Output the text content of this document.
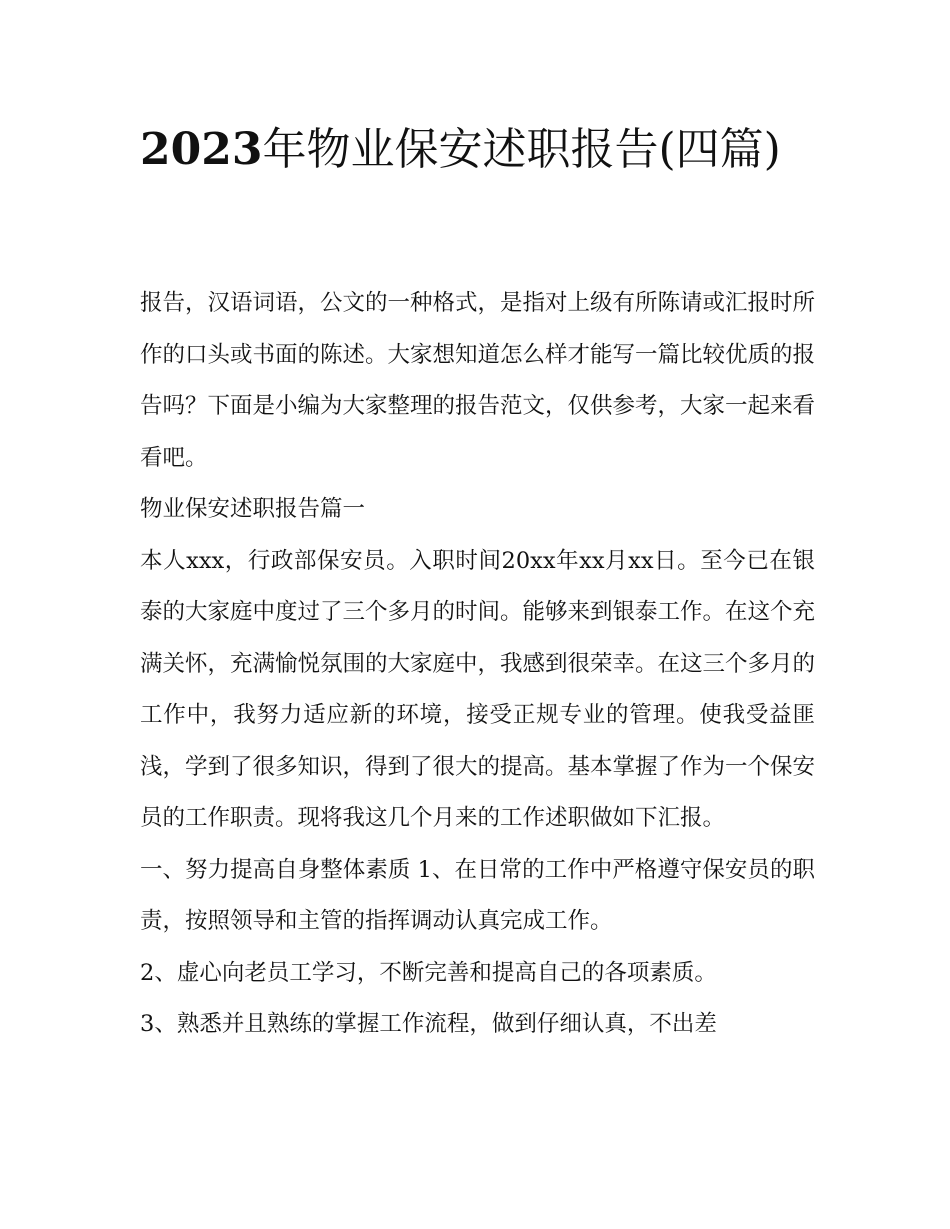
2023年物业保安述职报告(四篇)

报告，汉语词语，公文的一种格式，是指对上级有所陈请或汇报时所作的口头或书面的陈述。大家想知道怎么样才能写一篇比较优质的报告吗？下面是小编为大家整理的报告范文，仅供参考，大家一起来看看吧。

物业保安述职报告篇一

本人xxx，行政部保安员。入职时间20xx年xx月xx日。至今已在银泰的大家庭中度过了三个多月的时间。能够来到银泰工作。在这个充满关怀，充满愉悦氛围的大家庭中，我感到很荣幸。在这三个多月的工作中，我努力适应新的环境，接受正规专业的管理。使我受益匪浅，学到了很多知识，得到了很大的提高。基本掌握了作为一个保安员的工作职责。现将我这几个月来的工作述职做如下汇报。

一、努力提高自身整体素质 1、在日常的工作中严格遵守保安员的职责，按照领导和主管的指挥调动认真完成工作。

2、虚心向老员工学习，不断完善和提高自己的各项素质。

3、熟悉并且熟练的掌握工作流程，做到仔细认真，不出差
